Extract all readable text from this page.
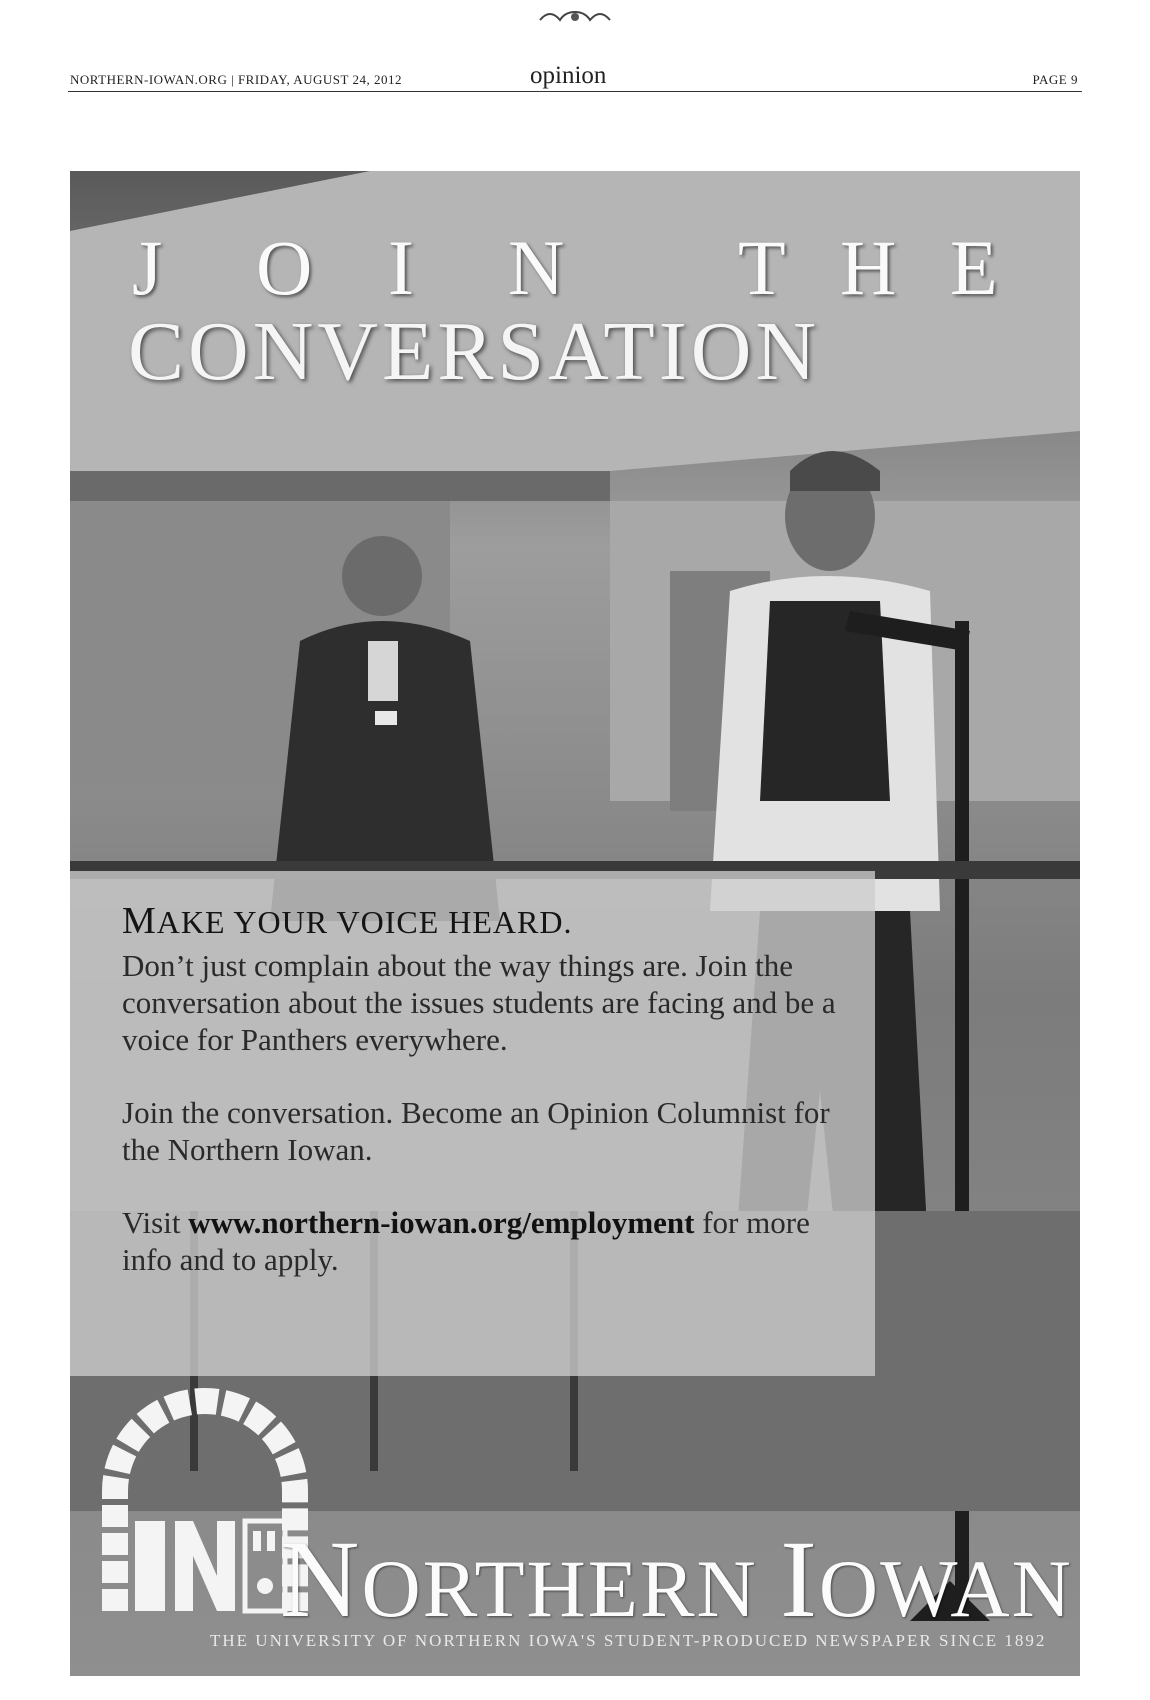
NORTHERN-IOWAN.ORG | FRIDAY, AUGUST 24, 2012	opinion	PAGE 9
J O I N T H E
CONVERSATION
MAKE YOUR VOICE HEARD.

Don’t just complain about the way things are. Join the conversation about the issues students are facing and be a voice for Panthers everywhere.

Join the conversation. Become an Opinion Columnist for the Northern Iowan.

Visit www.northern-iowan.org/employment for more info and to apply.

NORTHERN IOWAN
THE UNIVERSITY OF NORTHERN IOWA'S STUDENT-PRODUCED NEWSPAPER SINCE 1892
